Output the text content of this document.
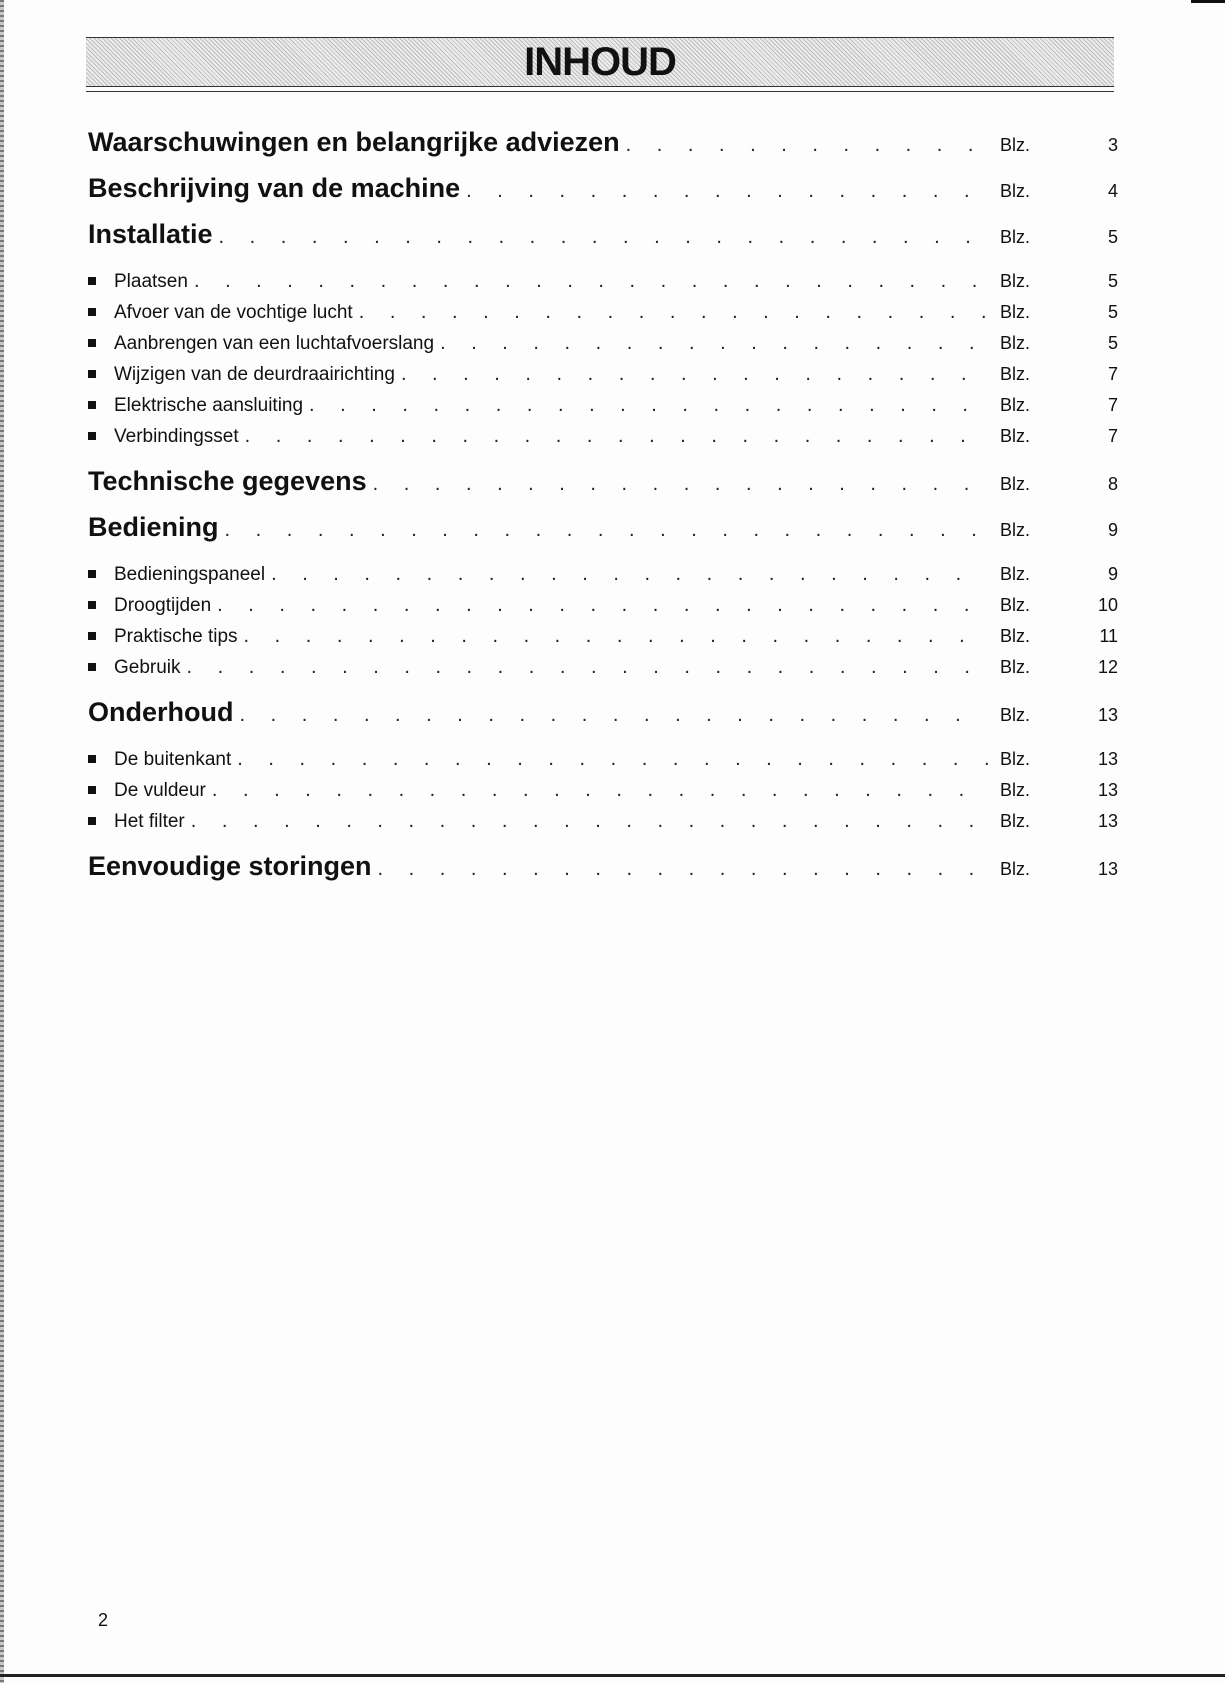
INHOUD
Waarschuwingen en belangrijke adviezen . . .	Blz.	3
Beschrijving van de machine . . .	Blz.	4
Installatie . . .	Blz.	5
Plaatsen . . .	Blz.	5
Afvoer van de vochtige lucht . . .	Blz.	5
Aanbrengen van een luchtafvoerslang . . .	Blz.	5
Wijzigen van de deurdraairichting . . .	Blz.	7
Elektrische aansluiting . . .	Blz.	7
Verbindingsset . . .	Blz.	7
Technische gegevens . . .	Blz.	8
Bediening . . .	Blz.	9
Bedieningspaneel . . .	Blz.	9
Droogtijden . . .	Blz.	10
Praktische tips . . .	Blz.	11
Gebruik . . .	Blz.	12
Onderhoud . . .	Blz.	13
De buitenkant . . .	Blz.	13
De vuldeur . . .	Blz.	13
Het filter . . .	Blz.	13
Eenvoudige storingen . . .	Blz.	13
2
